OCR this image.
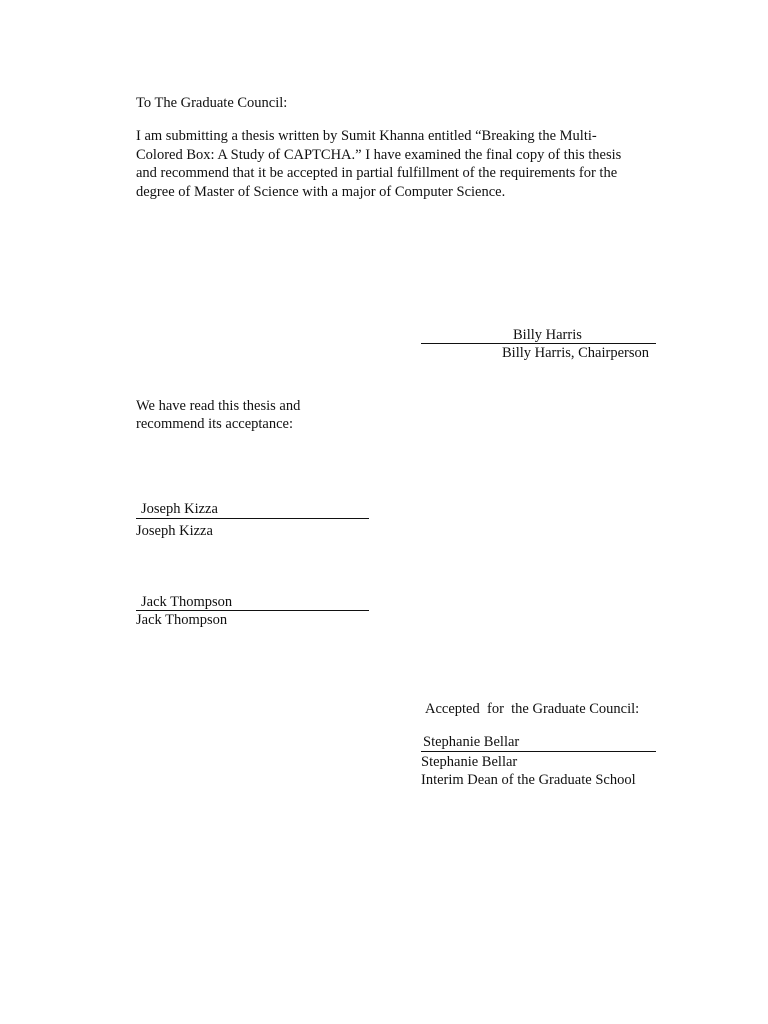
To The Graduate Council:
I am submitting a thesis written by Sumit Khanna entitled “Breaking the Multi-
Colored Box: A Study of CAPTCHA.” I have examined the final copy of this thesis
and recommend that it be accepted in partial fulfillment of the requirements for the
degree of Master of Science with a major of Computer Science.
Billy Harris
Billy Harris, Chairperson
We have read this thesis and
recommend its acceptance:
Joseph Kizza
Joseph Kizza
Jack Thompson
Jack Thompson
Accepted  for  the Graduate Council:
Stephanie Bellar
Stephanie Bellar
Interim Dean of the Graduate School
